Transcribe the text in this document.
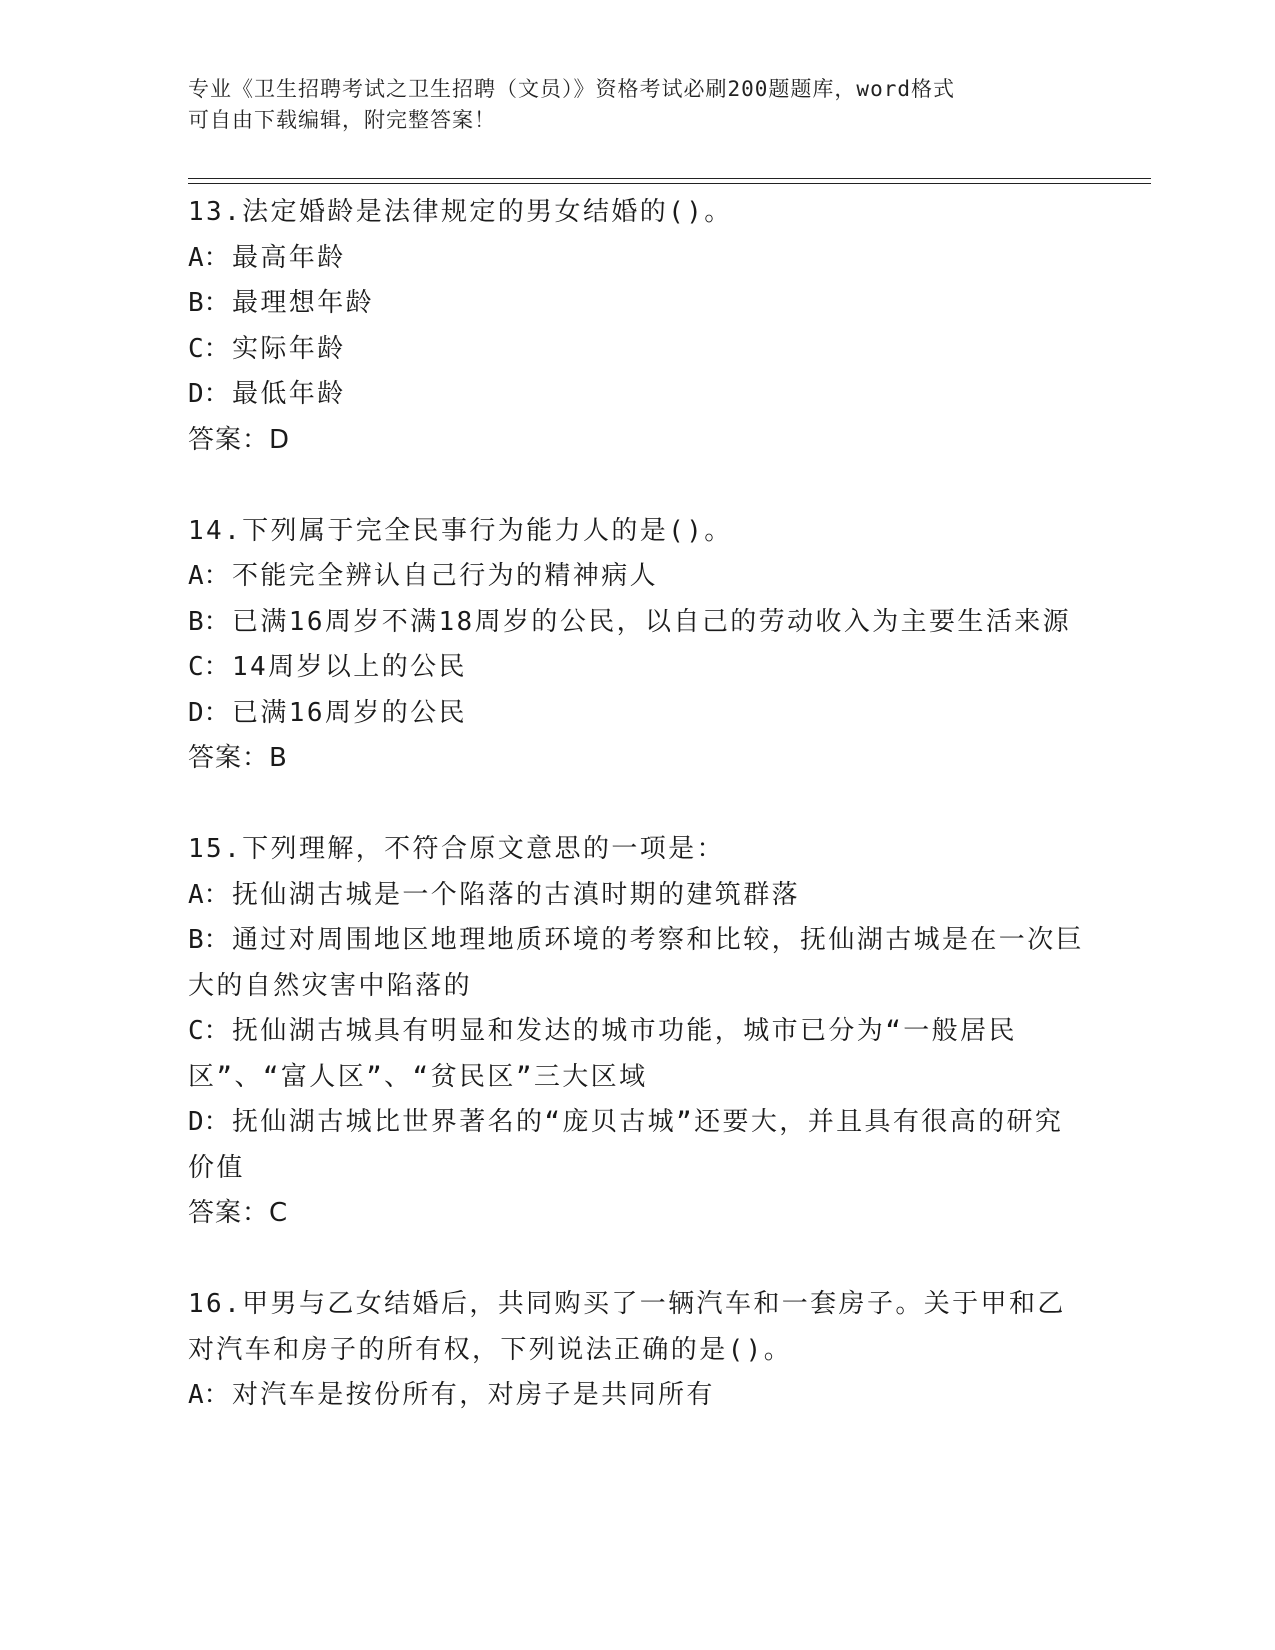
专业《卫生招聘考试之卫生招聘（文员）》资格考试必刷200题题库，word格式
可自由下载编辑，附完整答案！
13.法定婚龄是法律规定的男女结婚的()。
A：最高年龄
B：最理想年龄
C：实际年龄
D：最低年龄
答案：D
14.下列属于完全民事行为能力人的是()。
A：不能完全辨认自己行为的精神病人
B：已满16周岁不满18周岁的公民，以自己的劳动收入为主要生活来源
C：14周岁以上的公民
D：已满16周岁的公民
答案：B
15.下列理解，不符合原文意思的一项是：
A：抚仙湖古城是一个陷落的古滇时期的建筑群落
B：通过对周围地区地理地质环境的考察和比较，抚仙湖古城是在一次巨大的自然灾害中陷落的
C：抚仙湖古城具有明显和发达的城市功能，城市已分为“一般居民区”、“富人区”、“贫民区”三大区域
D：抚仙湖古城比世界著名的“庞贝古城”还要大，并且具有很高的研究价值
答案：C
16.甲男与乙女结婚后，共同购买了一辆汽车和一套房子。关于甲和乙对汽车和房子的所有权，下列说法正确的是()。
A：对汽车是按份所有，对房子是共同所有
